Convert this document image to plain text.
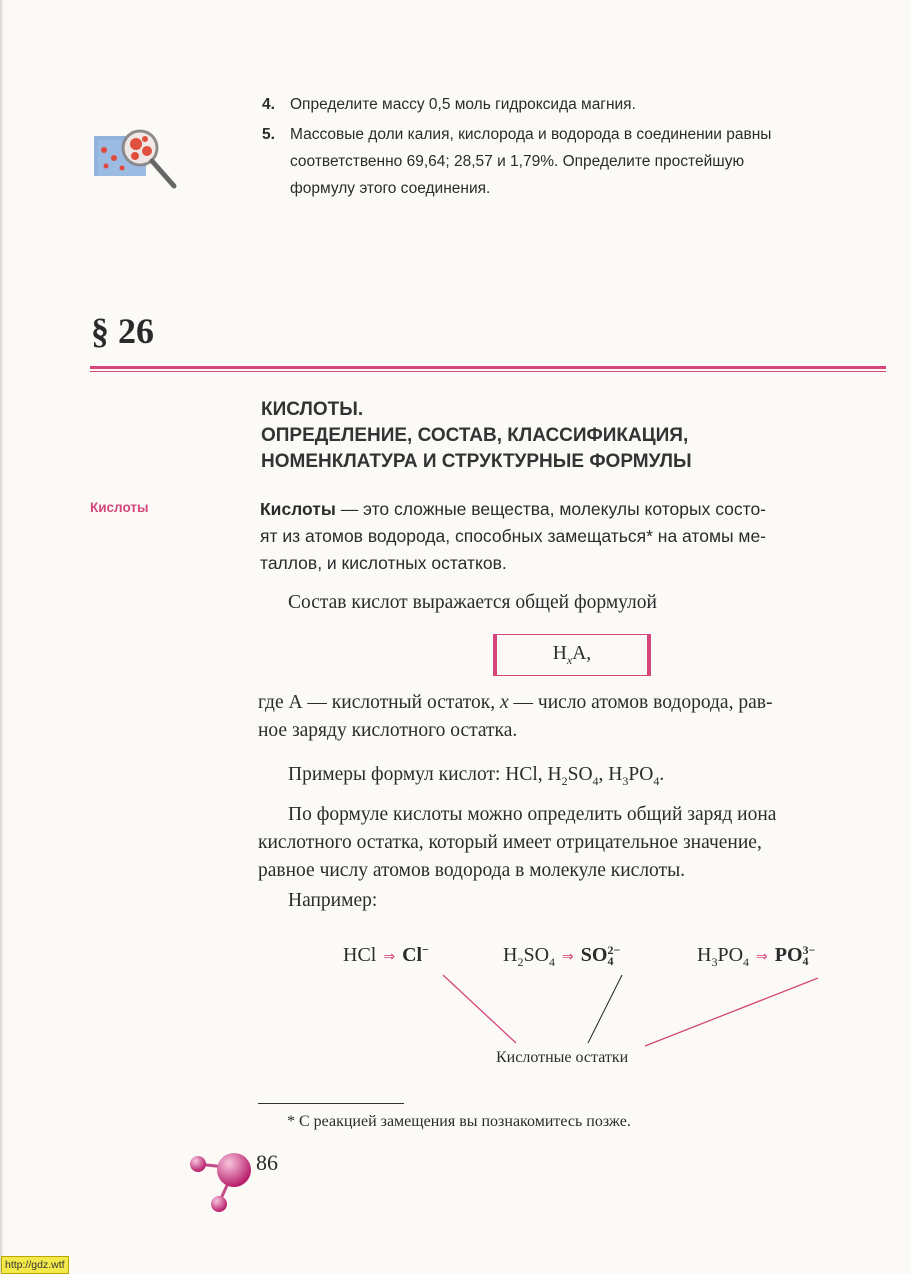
4. Определите массу 0,5 моль гидроксида магния.
5. Массовые доли калия, кислорода и водорода в соединении равны
соответственно 69,64; 28,57 и 1,79%. Определите простейшую
формулу этого соединения.
§ 26
КИСЛОТЫ.
ОПРЕДЕЛЕНИЕ, СОСТАВ, КЛАССИФИКАЦИЯ,
НОМЕНКЛАТУРА И СТРУКТУРНЫЕ ФОРМУЛЫ
Кислоты	Кислоты — это сложные вещества, молекулы которых состо-
ят из атомов водорода, способных замещаться* на атомы ме-
таллов, и кислотных остатков.
Состав кислот выражается общей формулой
$H_xA$,
где А — кислотный остаток, x — число атомов водорода, рав-
ное заряду кислотного остатка.
Примеры формул кислот: HCl, $H_2SO_4$, $H_3PO_4$.
По формуле кислоты можно определить общий заряд иона
кислотного остатка, который имеет отрицательное значение,
равное числу атомов водорода в молекуле кислоты.
Например:
HCl ⇒ Cl−	$H_2SO_4$ ⇒ SO2−
4	$H_3PO_4$ ⇒ PO3−
4
Кислотные остатки
* С реакцией замещения вы познакомитесь позже.
86
http://gdz.wtf
